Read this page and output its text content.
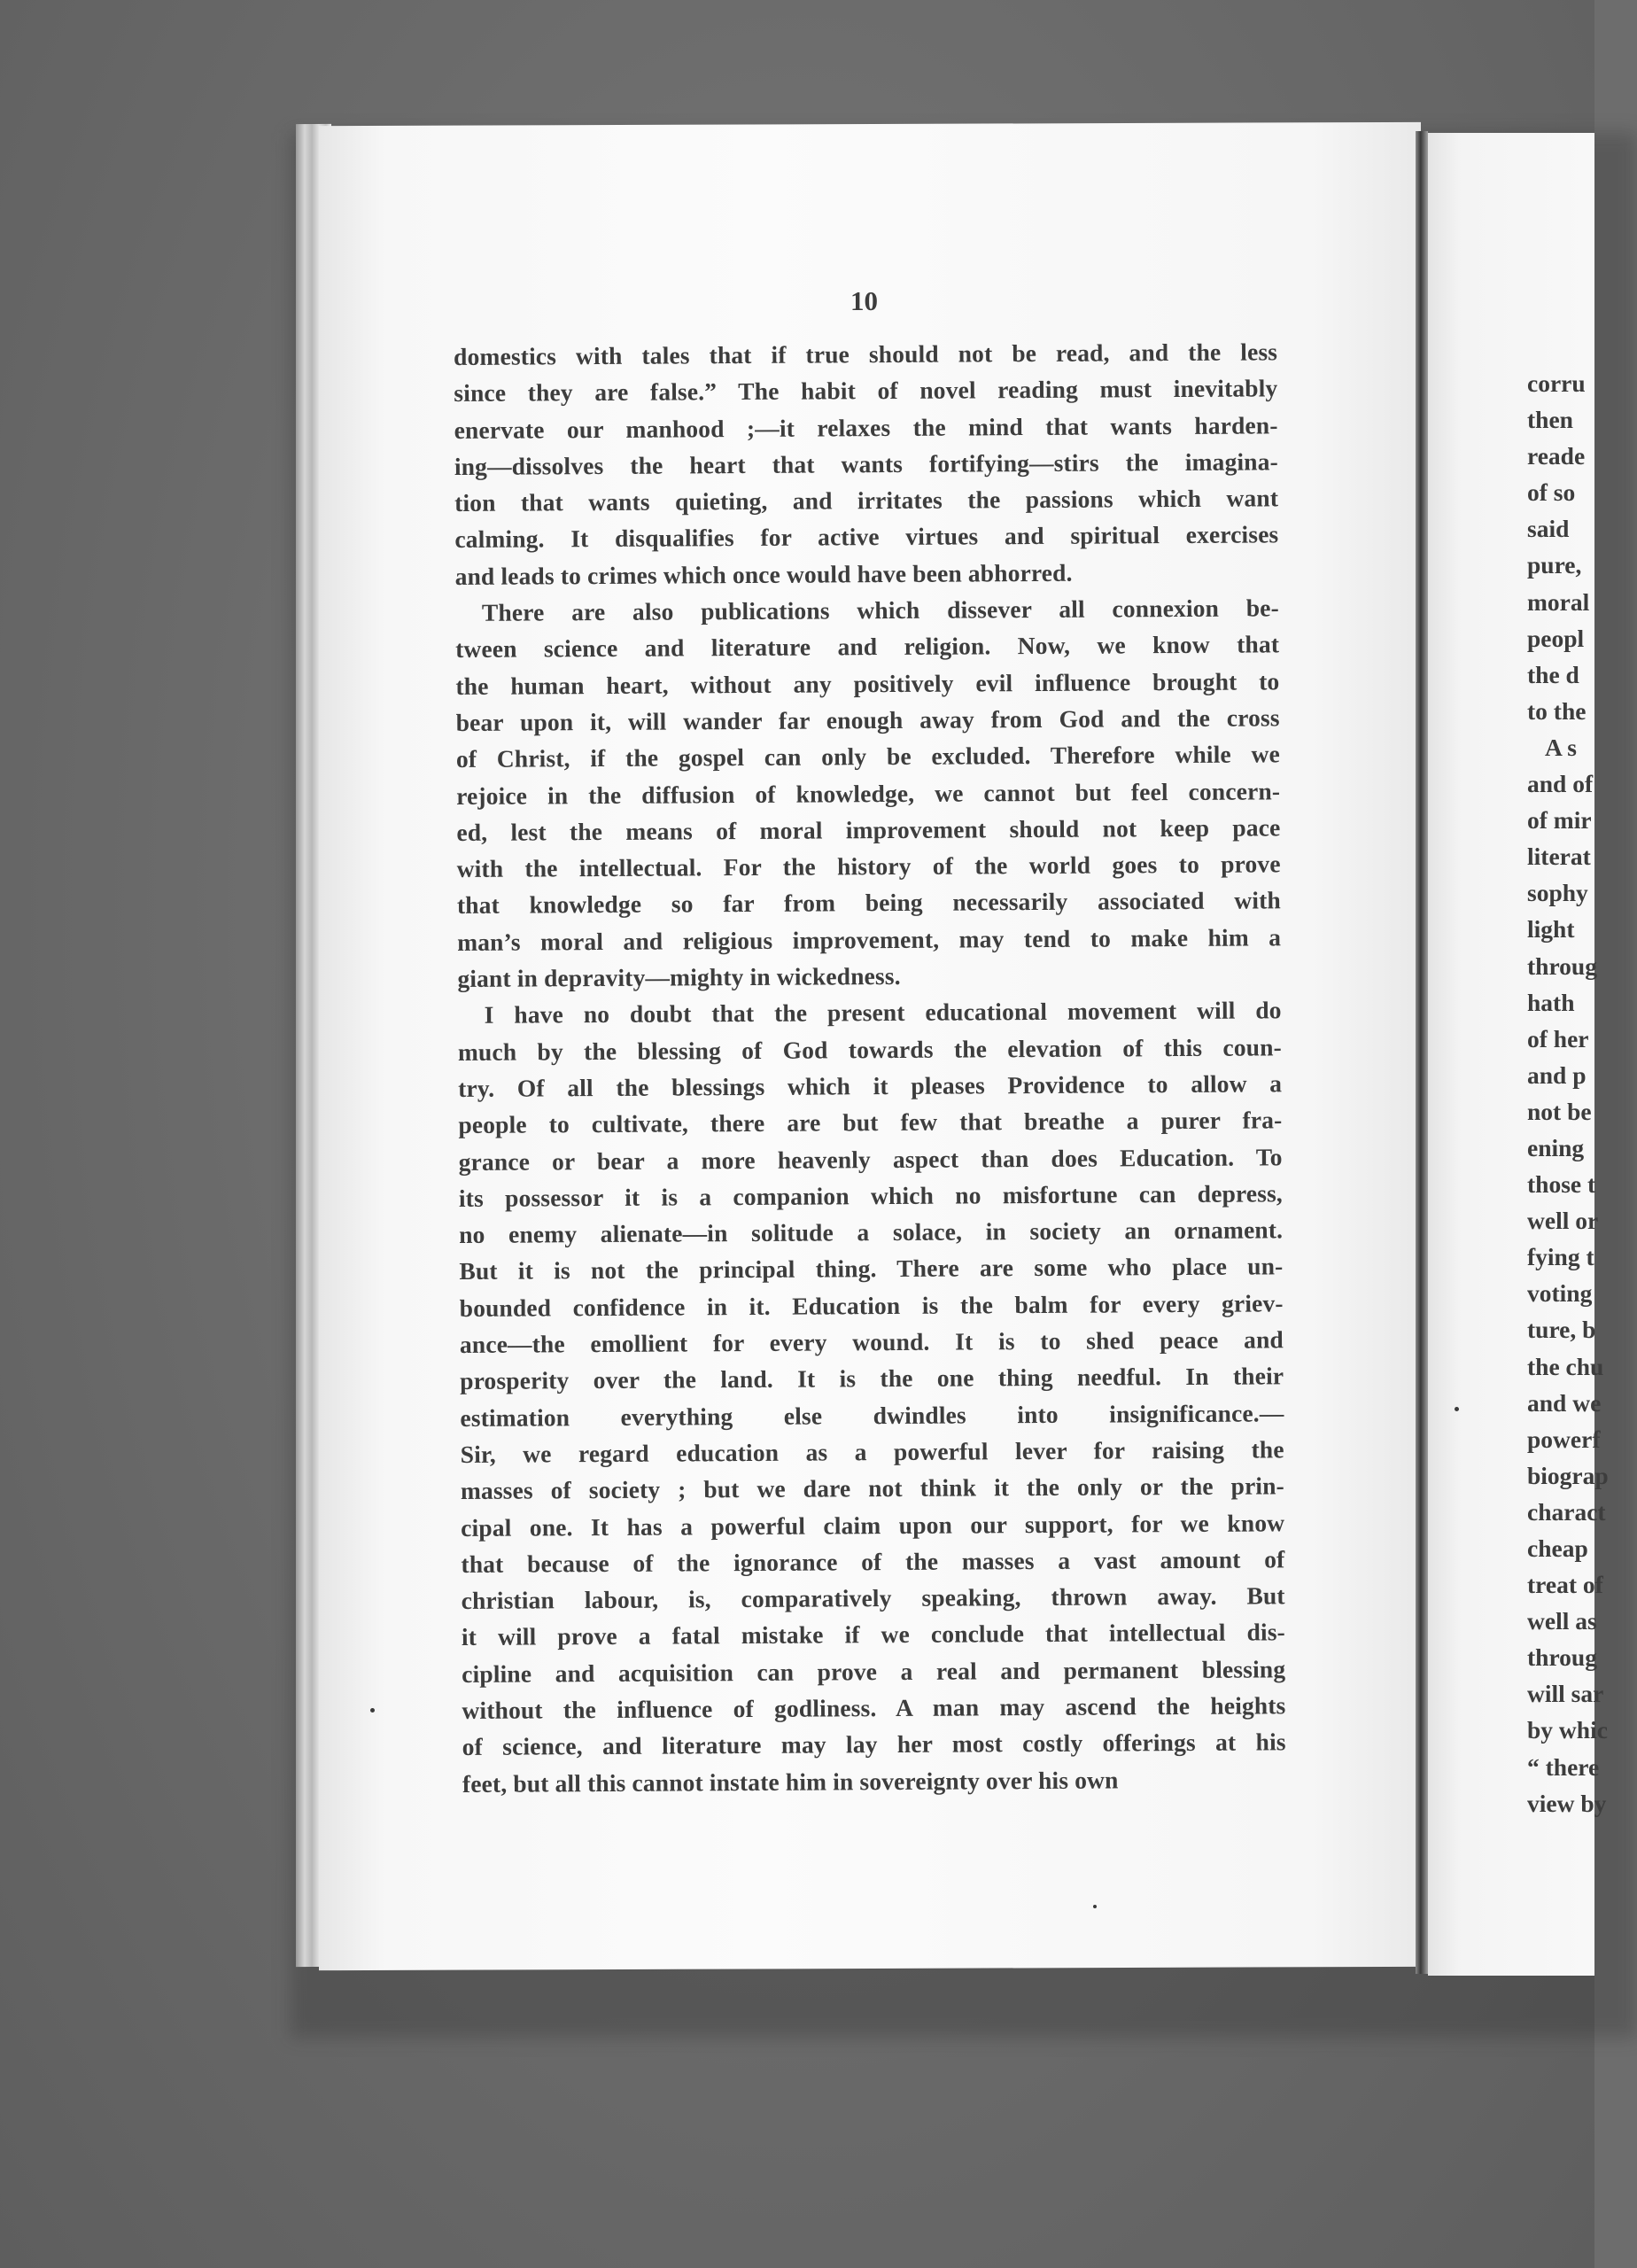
10
domestics with tales that if true should not be read, and the less
since they are false.” The habit of novel reading must inevitably
enervate our manhood ;—it relaxes the mind that wants harden-
ing—dissolves the heart that wants fortifying—stirs the imagina-
tion that wants quieting, and irritates the passions which want
calming. It disqualifies for active virtues and spiritual exercises
and leads to crimes which once would have been abhorred.
There are also publications which dissever all connexion be-
tween science and literature and religion. Now, we know that
the human heart, without any positively evil influence brought to
bear upon it, will wander far enough away from God and the cross
of Christ, if the gospel can only be excluded. Therefore while we
rejoice in the diffusion of knowledge, we cannot but feel concern-
ed, lest the means of moral improvement should not keep pace
with the intellectual. For the history of the world goes to prove
that knowledge so far from being necessarily associated with
man’s moral and religious improvement, may tend to make him a
giant in depravity—mighty in wickedness.
I have no doubt that the present educational movement will do
much by the blessing of God towards the elevation of this coun-
try. Of all the blessings which it pleases Providence to allow a
people to cultivate, there are but few that breathe a purer fra-
grance or bear a more heavenly aspect than does Education. To
its possessor it is a companion which no misfortune can depress,
no enemy alienate—in solitude a solace, in society an ornament.
But it is not the principal thing. There are some who place un-
bounded confidence in it. Education is the balm for every griev-
ance—the emollient for every wound. It is to shed peace and
prosperity over the land. It is the one thing needful. In their
estimation everything else dwindles into insignificance.—
Sir, we regard education as a powerful lever for raising the
masses of society ; but we dare not think it the only or the prin-
cipal one. It has a powerful claim upon our support, for we know
that because of the ignorance of the masses a vast amount of
christian labour, is, comparatively speaking, thrown away. But
it will prove a fatal mistake if we conclude that intellectual dis-
cipline and acquisition can prove a real and permanent blessing
without the influence of godliness. A man may ascend the heights
of science, and literature may lay her most costly offerings at his
feet, but all this cannot instate him in sovereignty over his own
corru
then
reade
of so
said
pure,
moral
peopl
the d
to the
A s
and of
of mir
literat
sophy
light
throug
hath
of her
and p
not be
ening
those t
well or
fying t
voting
ture, b
the chu
and we
powerf
biograp
charact
cheap
treat of
well as
throug
will sar
by whic
“ there
view by
